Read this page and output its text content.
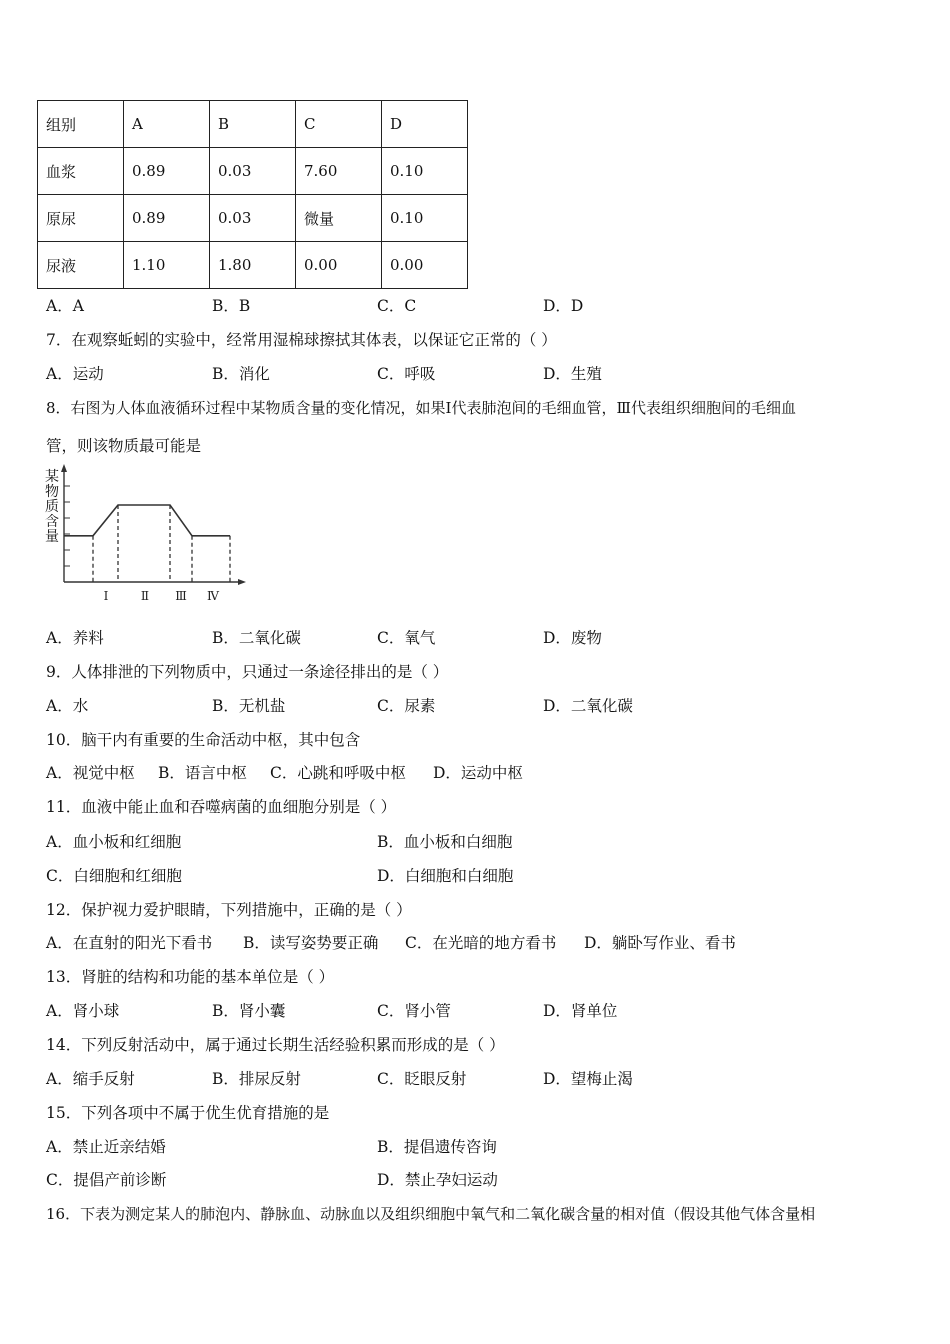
组别	A	B	C	D
血浆	0.89	0.03	7.60	0.10
原尿	0.89	0.03	微量	0.10
尿液	1.10	1.80	0.00	0.00
A．A	B．B	C．C	D．D
7．在观察蚯蚓的实验中，经常用湿棉球擦拭其体表，以保证它正常的（ ）
A．运动	B．消化	C．呼吸	D．生殖
8．右图为人体血液循环过程中某物质含量的变化情况，如果Ⅰ代表肺泡间的毛细血管，Ⅲ代表组织细胞间的毛细血
管，则该物质最可能是
某物质含量
Ⅰ	Ⅱ Ⅲ Ⅳ
A．养料	B．二氧化碳	C．氧气	D．废物
9．人体排泄的下列物质中，只通过一条途径排出的是（ ）
A．水	B．无机盐	C．尿素	D．二氧化碳
10．脑干内有重要的生命活动中枢，其中包含
A．视觉中枢 B．语言中枢 C．心跳和呼吸中枢 D．运动中枢
11．血液中能止血和吞噬病菌的血细胞分别是（ ）
A．血小板和红细胞	B．血小板和白细胞
C．白细胞和红细胞	D．白细胞和白细胞
12．保护视力爱护眼睛，下列措施中，正确的是（ ）
A．在直射的阳光下看书 B．读写姿势要正确 C．在光暗的地方看书 D．躺卧写作业、看书
13．肾脏的结构和功能的基本单位是（ ）
A．肾小球	B．肾小囊	C．肾小管	D．肾单位
14．下列反射活动中，属于通过长期生活经验积累而形成的是（ ）
A．缩手反射	B．排尿反射	C．眨眼反射	D．望梅止渴
15．下列各项中不属于优生优育措施的是
A．禁止近亲结婚	B．提倡遗传咨询
C．提倡产前诊断	D．禁止孕妇运动
16．下表为测定某人的肺泡内、静脉血、动脉血以及组织细胞中氧气和二氧化碳含量的相对值（假设其他气体含量相
